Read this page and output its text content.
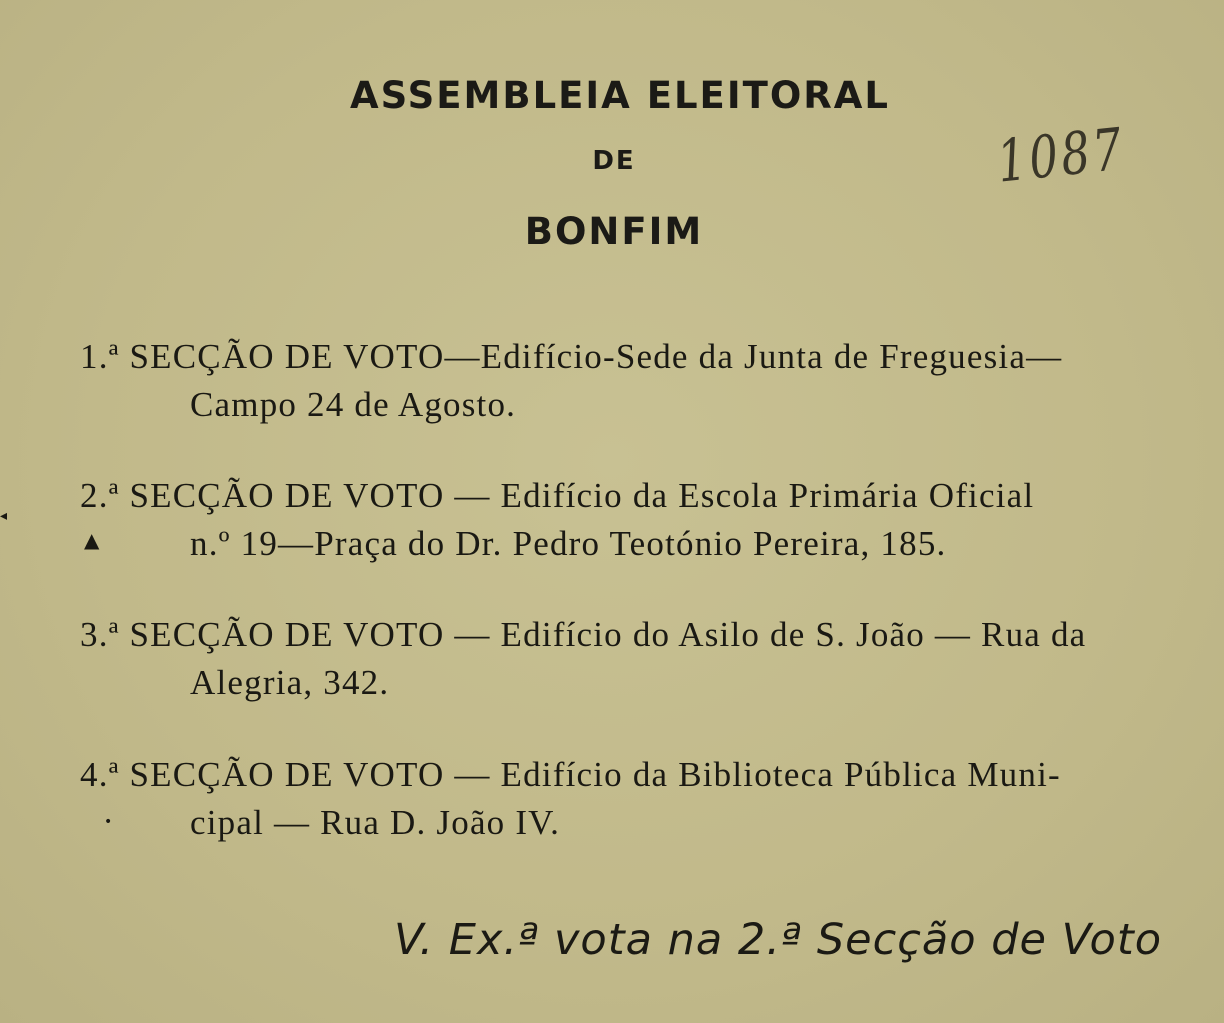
ASSEMBLEIA ELEITORAL
DE
BONFIM
1087
1.ª SECÇÃO DE VOTO—Edifício-Sede da Junta de Freguesia—
Campo 24 de Agosto.
2.ª SECÇÃO DE VOTO — Edifício da Escola Primária Oficial
n.º 19—Praça do Dr. Pedro Teotónio Pereira, 185.
3.ª SECÇÃO DE VOTO — Edifício do Asilo de S. João — Rua da
Alegria, 342.
4.ª SECÇÃO DE VOTO — Edifício da Biblioteca Pública Muni-
cipal — Rua D. João IV.
▲
•
◂
V. Ex.ª vota na 2.ª Secção de Voto
